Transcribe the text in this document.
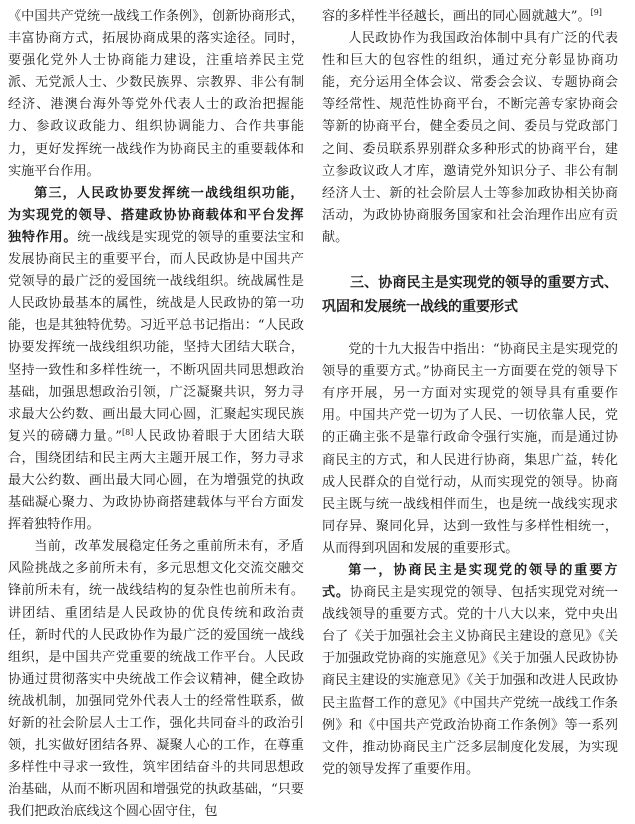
《中国共产党统一战线工作条例》，创新协商形式，丰富协商方式，拓展协商成果的落实途径。同时，要强化党外人士协商能力建设，注重培养民主党派、无党派人士、少数民族界、宗教界、非公有制经济、港澳台海外等党外代表人士的政治把握能力、参政议政能力、组织协调能力、合作共事能力，更好发挥统一战线作为协商民主的重要载体和实施平台作用。

第三，人民政协要发挥统一战线组织功能，为实现党的领导、搭建政协协商载体和平台发挥独特作用。统一战线是实现党的领导的重要法宝和发展协商民主的重要平台，而人民政协是中国共产党领导的最广泛的爱国统一战线组织。统战属性是人民政协最基本的属性，统战是人民政协的第一功能，也是其独特优势。习近平总书记指出：“人民政协要发挥统一战线组织功能，坚持大团结大联合，坚持一致性和多样性统一，不断巩固共同思想政治基础，加强思想政治引领，广泛凝聚共识，努力寻求最大公约数、画出最大同心圆，汇聚起实现民族复兴的磅礴力量。”[8]人民政协着眼于大团结大联合，围绕团结和民主两大主题开展工作，努力寻求最大公约数、画出最大同心圆，在为增强党的执政基础凝心聚力、为政协协商搭建载体与平台方面发挥着独特作用。

当前，改革发展稳定任务之重前所未有，矛盾风险挑战之多前所未有，多元思想文化交流交融交锋前所未有，统一战线结构的复杂性也前所未有。讲团结、重团结是人民政协的优良传统和政治责任，新时代的人民政协作为最广泛的爱国统一战线组织，是中国共产党重要的统战工作平台。人民政协通过贯彻落实中央统战工作会议精神，健全政协统战机制，加强同党外代表人士的经常性联系，做好新的社会阶层人士工作，强化共同奋斗的政治引领，扎实做好团结各界、凝聚人心的工作，在尊重多样性中寻求一致性，筑牢团结奋斗的共同思想政治基础，从而不断巩固和增强党的执政基础，“只要我们把政治底线这个圆心固守住，包

容的多样性半径越长，画出的同心圆就越大”。[9]

人民政协作为我国政治体制中具有广泛的代表性和巨大的包容性的组织，通过充分彰显协商功能，充分运用全体会议、常委会会议、专题协商会等经常性、规范性协商平台，不断完善专家协商会等新的协商平台，健全委员之间、委员与党政部门之间、委员联系界别群众多种形式的协商平台，建立参政议政人才库，邀请党外知识分子、非公有制经济人士、新的社会阶层人士等参加政协相关协商活动，为政协协商服务国家和社会治理作出应有贡献。

三、协商民主是实现党的领导的重要方式、巩固和发展统一战线的重要形式

党的十九大报告中指出：“协商民主是实现党的领导的重要方式。”协商民主一方面要在党的领导下有序开展，另一方面对实现党的领导具有重要作用。中国共产党一切为了人民、一切依靠人民，党的正确主张不是靠行政命令强行实施，而是通过协商民主的方式，和人民进行协商，集思广益，转化成人民群众的自觉行动，从而实现党的领导。协商民主既与统一战线相伴而生，也是统一战线实现求同存异、聚同化异，达到一致性与多样性相统一，从而得到巩固和发展的重要形式。

第一，协商民主是实现党的领导的重要方式。协商民主是实现党的领导、包括实现党对统一战线领导的重要方式。党的十八大以来，党中央出台了《关于加强社会主义协商民主建设的意见》《关于加强政党协商的实施意见》《关于加强人民政协协商民主建设的实施意见》《关于加强和改进人民政协民主监督工作的意见》《中国共产党统一战线工作条例》和《中国共产党政治协商工作条例》等一系列文件，推动协商民主广泛多层制度化发展，为实现党的领导发挥了重要作用。
